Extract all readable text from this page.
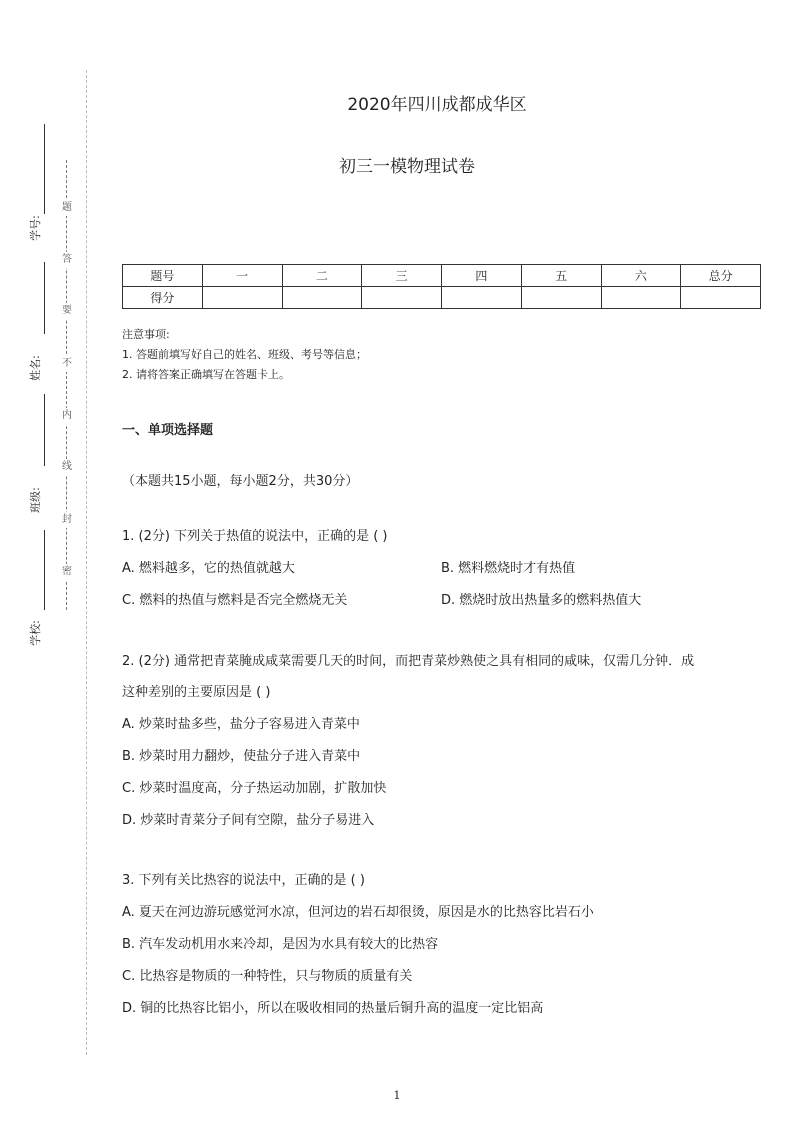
学号:
姓名:
班级:
学校:
题
答
要
不
内
线
封
密
2020年四川成都成华区
初三一模物理试卷
题号	一	二	三	四	五	六	总分
得分							
注意事项:
1. 答题前填写好自己的姓名、班级、考号等信息；
2. 请将答案正确填写在答题卡上。
一、单项选择题
（本题共15小题，每小题2分，共30分）
1. (2分) 下列关于热值的说法中，正确的是 ( )
A. 燃料越多，它的热值就越大	B. 燃料燃烧时才有热值
C. 燃料的热值与燃料是否完全燃烧无关	D. 燃烧时放出热量多的燃料热值大
2. (2分) 通常把青菜腌成咸菜需要几天的时间，而把青菜炒熟使之具有相同的咸味，仅需几分钟．成
这种差别的主要原因是 ( )
A. 炒菜时盐多些，盐分子容易进入青菜中
B. 炒菜时用力翻炒，使盐分子进入青菜中
C. 炒菜时温度高，分子热运动加剧，扩散加快
D. 炒菜时青菜分子间有空隙，盐分子易进入
3. 下列有关比热容的说法中，正确的是 ( )
A. 夏天在河边游玩感觉河水凉，但河边的岩石却很烫，原因是水的比热容比岩石小
B. 汽车发动机用水来冷却，是因为水具有较大的比热容
C. 比热容是物质的一种特性，只与物质的质量有关
D. 铜的比热容比铝小，所以在吸收相同的热量后铜升高的温度一定比铝高
1
